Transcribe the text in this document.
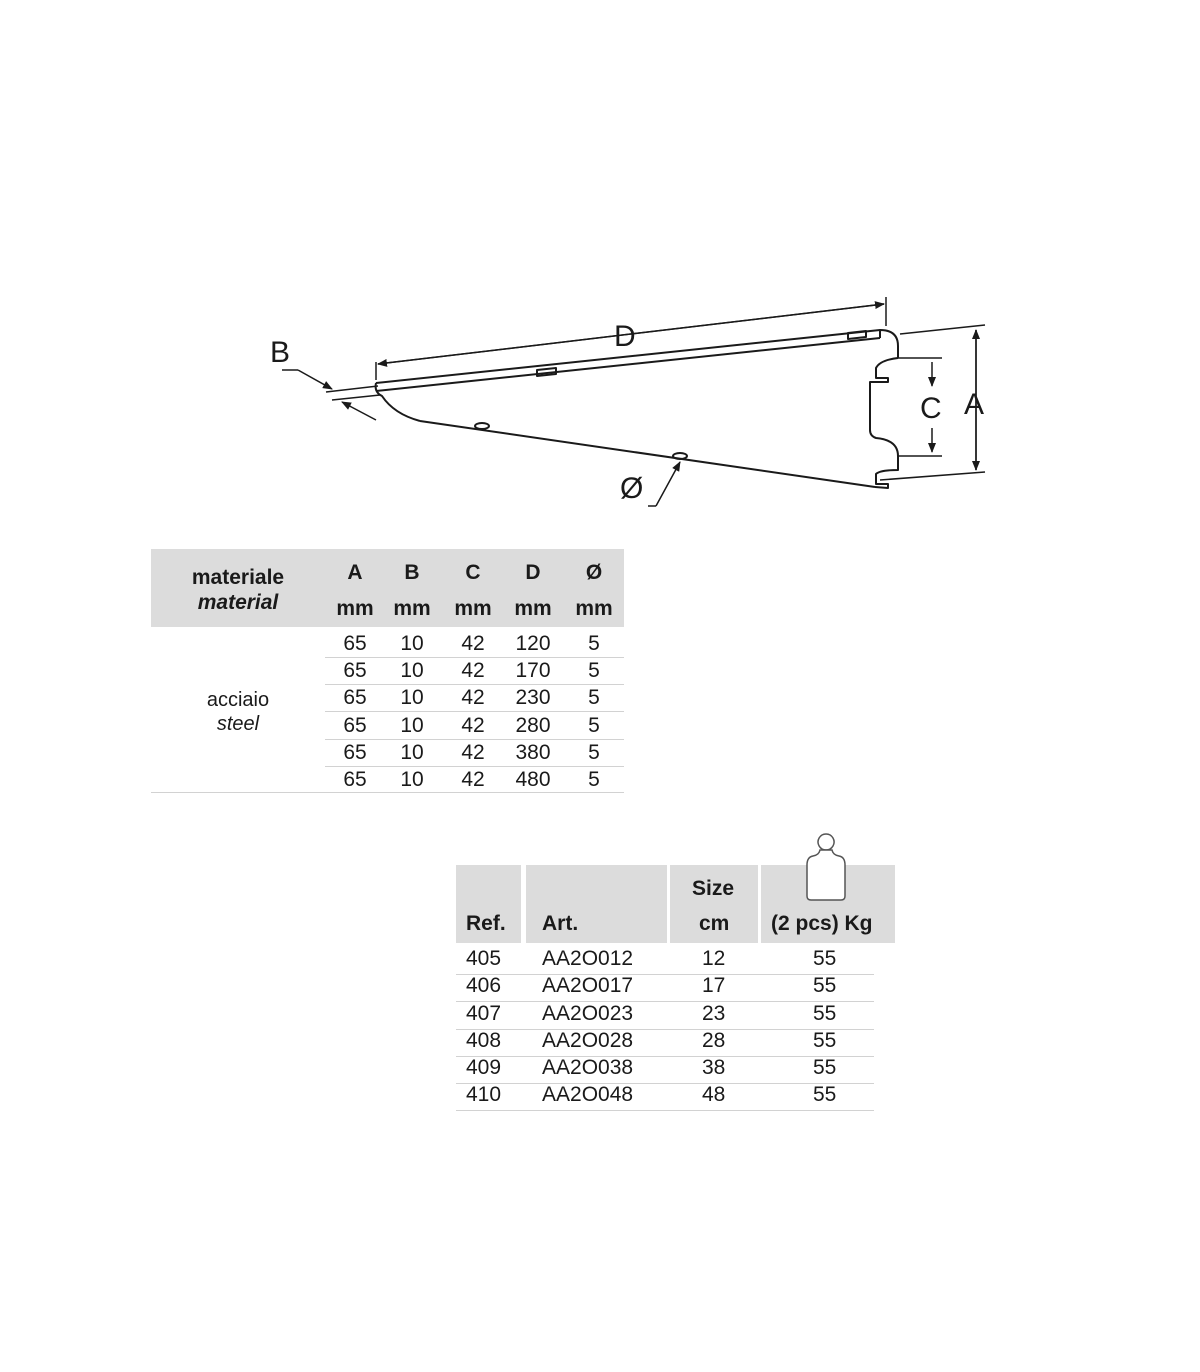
D
B
C A
Ø
materiale
material
A	B	C	D	Ø
mm mm	mm	mm	mm
acciaio
steel
65	10	42	120	5
65	10	42	170	5
65	10	42	230	5
65	10	42	280	5
65	10	42	380	5
65	10	42	480	5
Ref. Art.
Size
cm (2 pcs) Kg
405 AA2O012	12	55
406 AA2O017	17	55
407 AA2O023	23	55
408 AA2O028	28	55
409 AA2O038	38	55
410 AA2O048	48	55
